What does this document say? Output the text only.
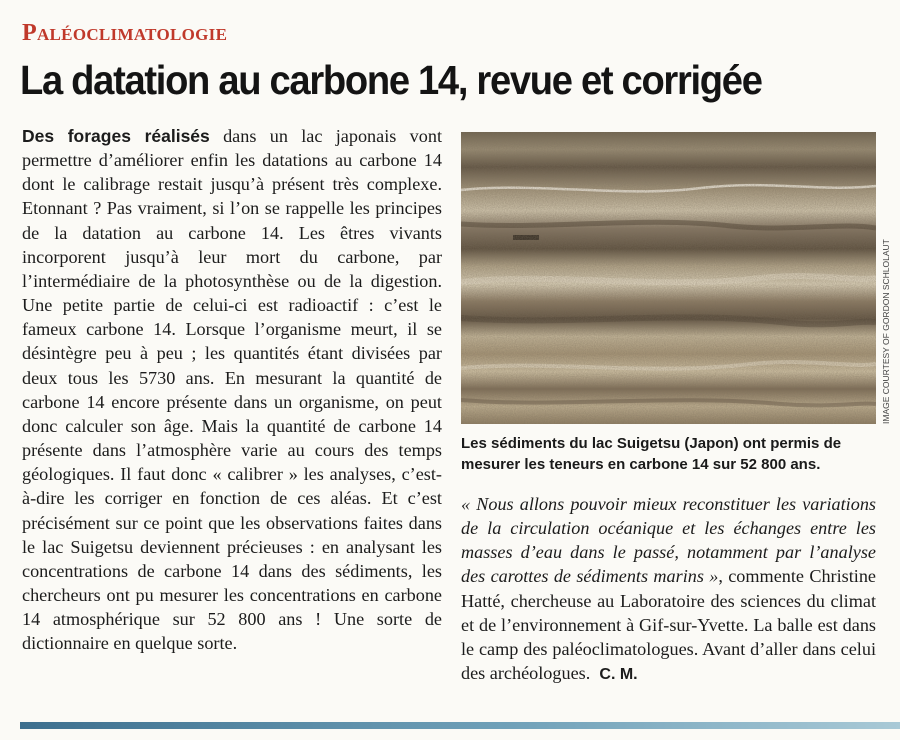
Paléoclimatologie
La datation au carbone 14, revue et corrigée
Des forages réalisés dans un lac japonais vont permettre d’améliorer enfin les datations au carbone 14 dont le calibrage restait jusqu’à présent très complexe. Etonnant ? Pas vraiment, si l’on se rappelle les principes de la datation au carbone 14. Les êtres vivants incorporent jusqu’à leur mort du carbone, par l’intermédiaire de la photosynthèse ou de la digestion. Une petite partie de celui-ci est radioactif : c’est le fameux carbone 14. Lorsque l’organisme meurt, il se désintègre peu à peu ; les quantités étant divisées par deux tous les 5730 ans. En mesurant la quantité de carbone 14 encore présente dans un organisme, on peut donc calculer son âge. Mais la quantité de carbone 14 présente dans l’atmosphère varie au cours des temps géologiques. Il faut donc « calibrer » les analyses, c’est-à-dire les corriger en fonction de ces aléas. Et c’est précisément sur ce point que les observations faites dans le lac Suigetsu deviennent précieuses : en analysant les concentrations de carbone 14 dans des sédiments, les chercheurs ont pu mesurer les concentrations en carbone 14 atmosphérique sur 52 800 ans ! Une sorte de dictionnaire en quelque sorte.
IMAGE COURTESY OF GORDON SCHLOLAUT
Les sédiments du lac Suigetsu (Japon) ont permis de mesurer les teneurs en carbone 14 sur 52 800 ans.
« Nous allons pouvoir mieux reconstituer les variations de la circulation océanique et les échanges entre les masses d’eau dans le passé, notamment par l’analyse des carottes de sédiments marins », commente Christine Hatté, chercheuse au Laboratoire des sciences du climat et de l’environnement à Gif-sur-Yvette. La balle est dans le camp des paléoclimatologues. Avant d’aller dans celui des archéologues. C. M.
